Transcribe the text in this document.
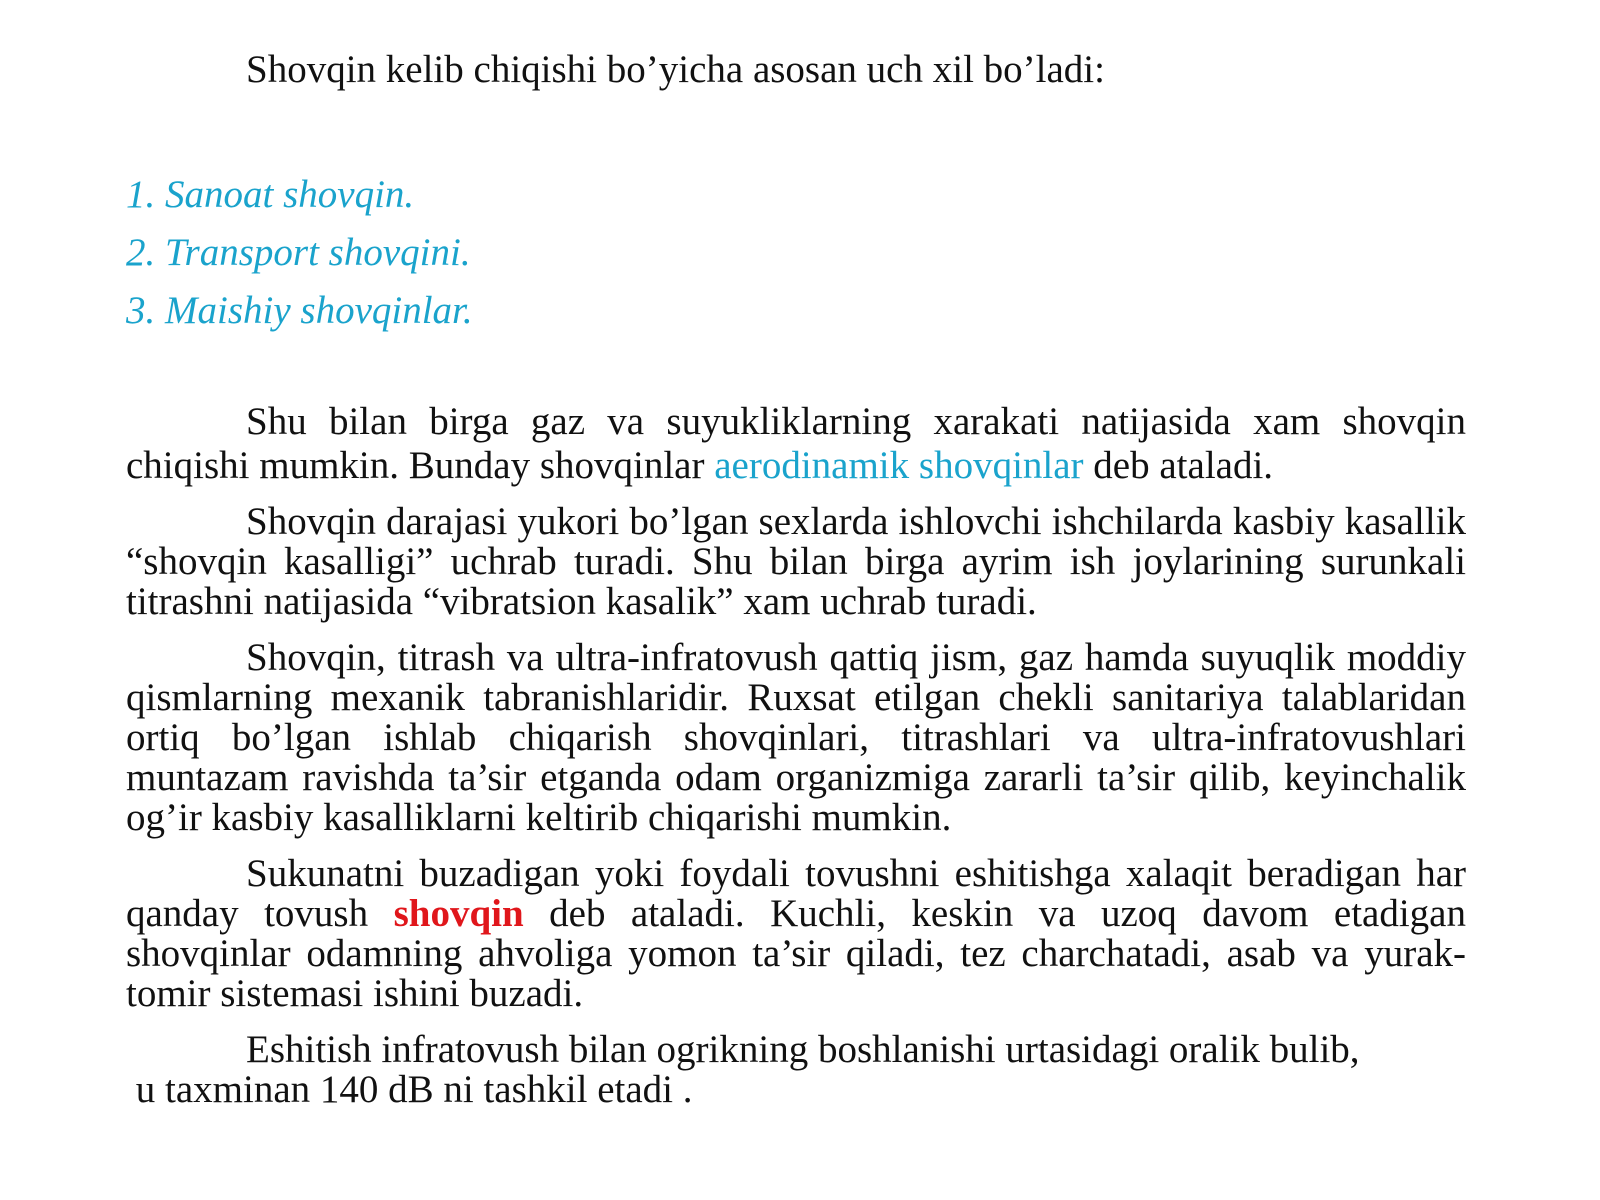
Shovqin kelib chiqishi bo’yicha asosan uch xil bo’ladi:
1. Sanoat shovqin.
2. Transport shovqini.
3. Maishiy shovqinlar.

Shu bilan birga gaz va suyukliklarning xarakati natijasida xam shovqin chiqishi mumkin. Bunday shovqinlar aerodinamik shovqinlar deb ataladi.

Shovqin darajasi yukori bo’lgan sexlarda ishlovchi ishchilarda kasbiy kasallik “shovqin kasalligi” uchrab turadi. Shu bilan birga ayrim ish joylarining surunkali titrashni natijasida “vibratsion kasalik” xam uchrab turadi.

Shovqin, titrash va ultra-infratovush qattiq jism, gaz hamda suyuqlik moddiy qismlarning mexanik tabranishlaridir. Ruxsat etilgan chekli sanitariya talablaridan ortiq bo’lgan ishlab chiqarish shovqinlari, titrashlari va ultra-infratovushlari muntazam ravishda ta’sir etganda odam organizmiga zararli ta’sir qilib, keyinchalik og’ir kasbiy kasalliklarni keltirib chiqarishi mumkin.

Sukunatni buzadigan yoki foydali tovushni eshitishga xalaqit beradigan har qanday tovush shovqin deb ataladi. Kuchli, keskin va uzoq davom etadigan shovqinlar odamning ahvoliga yomon ta’sir qiladi, tez charchatadi, asab va yurak-tomir sistemasi ishini buzadi.

Eshitish infratovush bilan ogrikning boshlanishi urtasidagi oralik bulib,
u taxminan 140 dB ni tashkil etadi .
